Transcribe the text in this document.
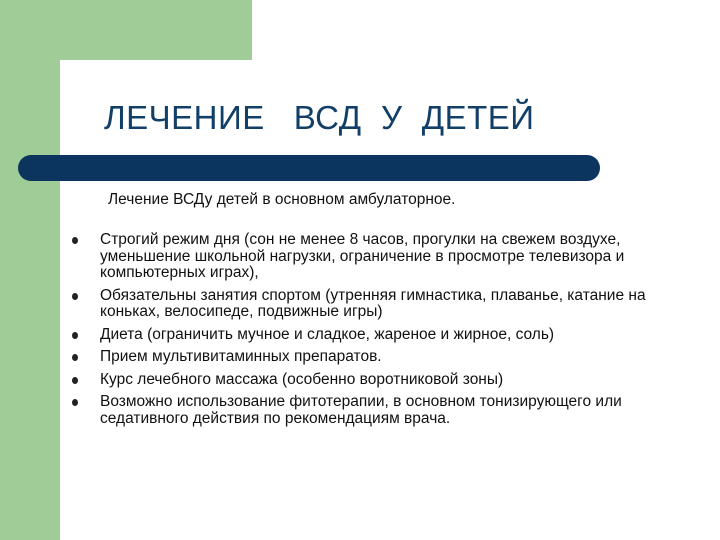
ЛЕЧЕНИЕ   ВСД  У  ДЕТЕЙ

Лечение ВСДу детей в основном амбулаторное.

Строгий режим дня (сон не менее 8 часов, прогулки на свежем воздухе, уменьшение школьной нагрузки, ограничение в просмотре телевизора и компьютерных играх),
Обязательны занятия спортом (утренняя гимнастика, плаванье, катание на коньках, велосипеде, подвижные игры)
Диета (ограничить мучное и сладкое, жареное и жирное, соль)
Прием мультивитаминных препаратов.
Курс лечебного массажа (особенно воротниковой зоны)
Возможно использование фитотерапии, в основном тонизирующего или седативного действия по рекомендациям врача.
